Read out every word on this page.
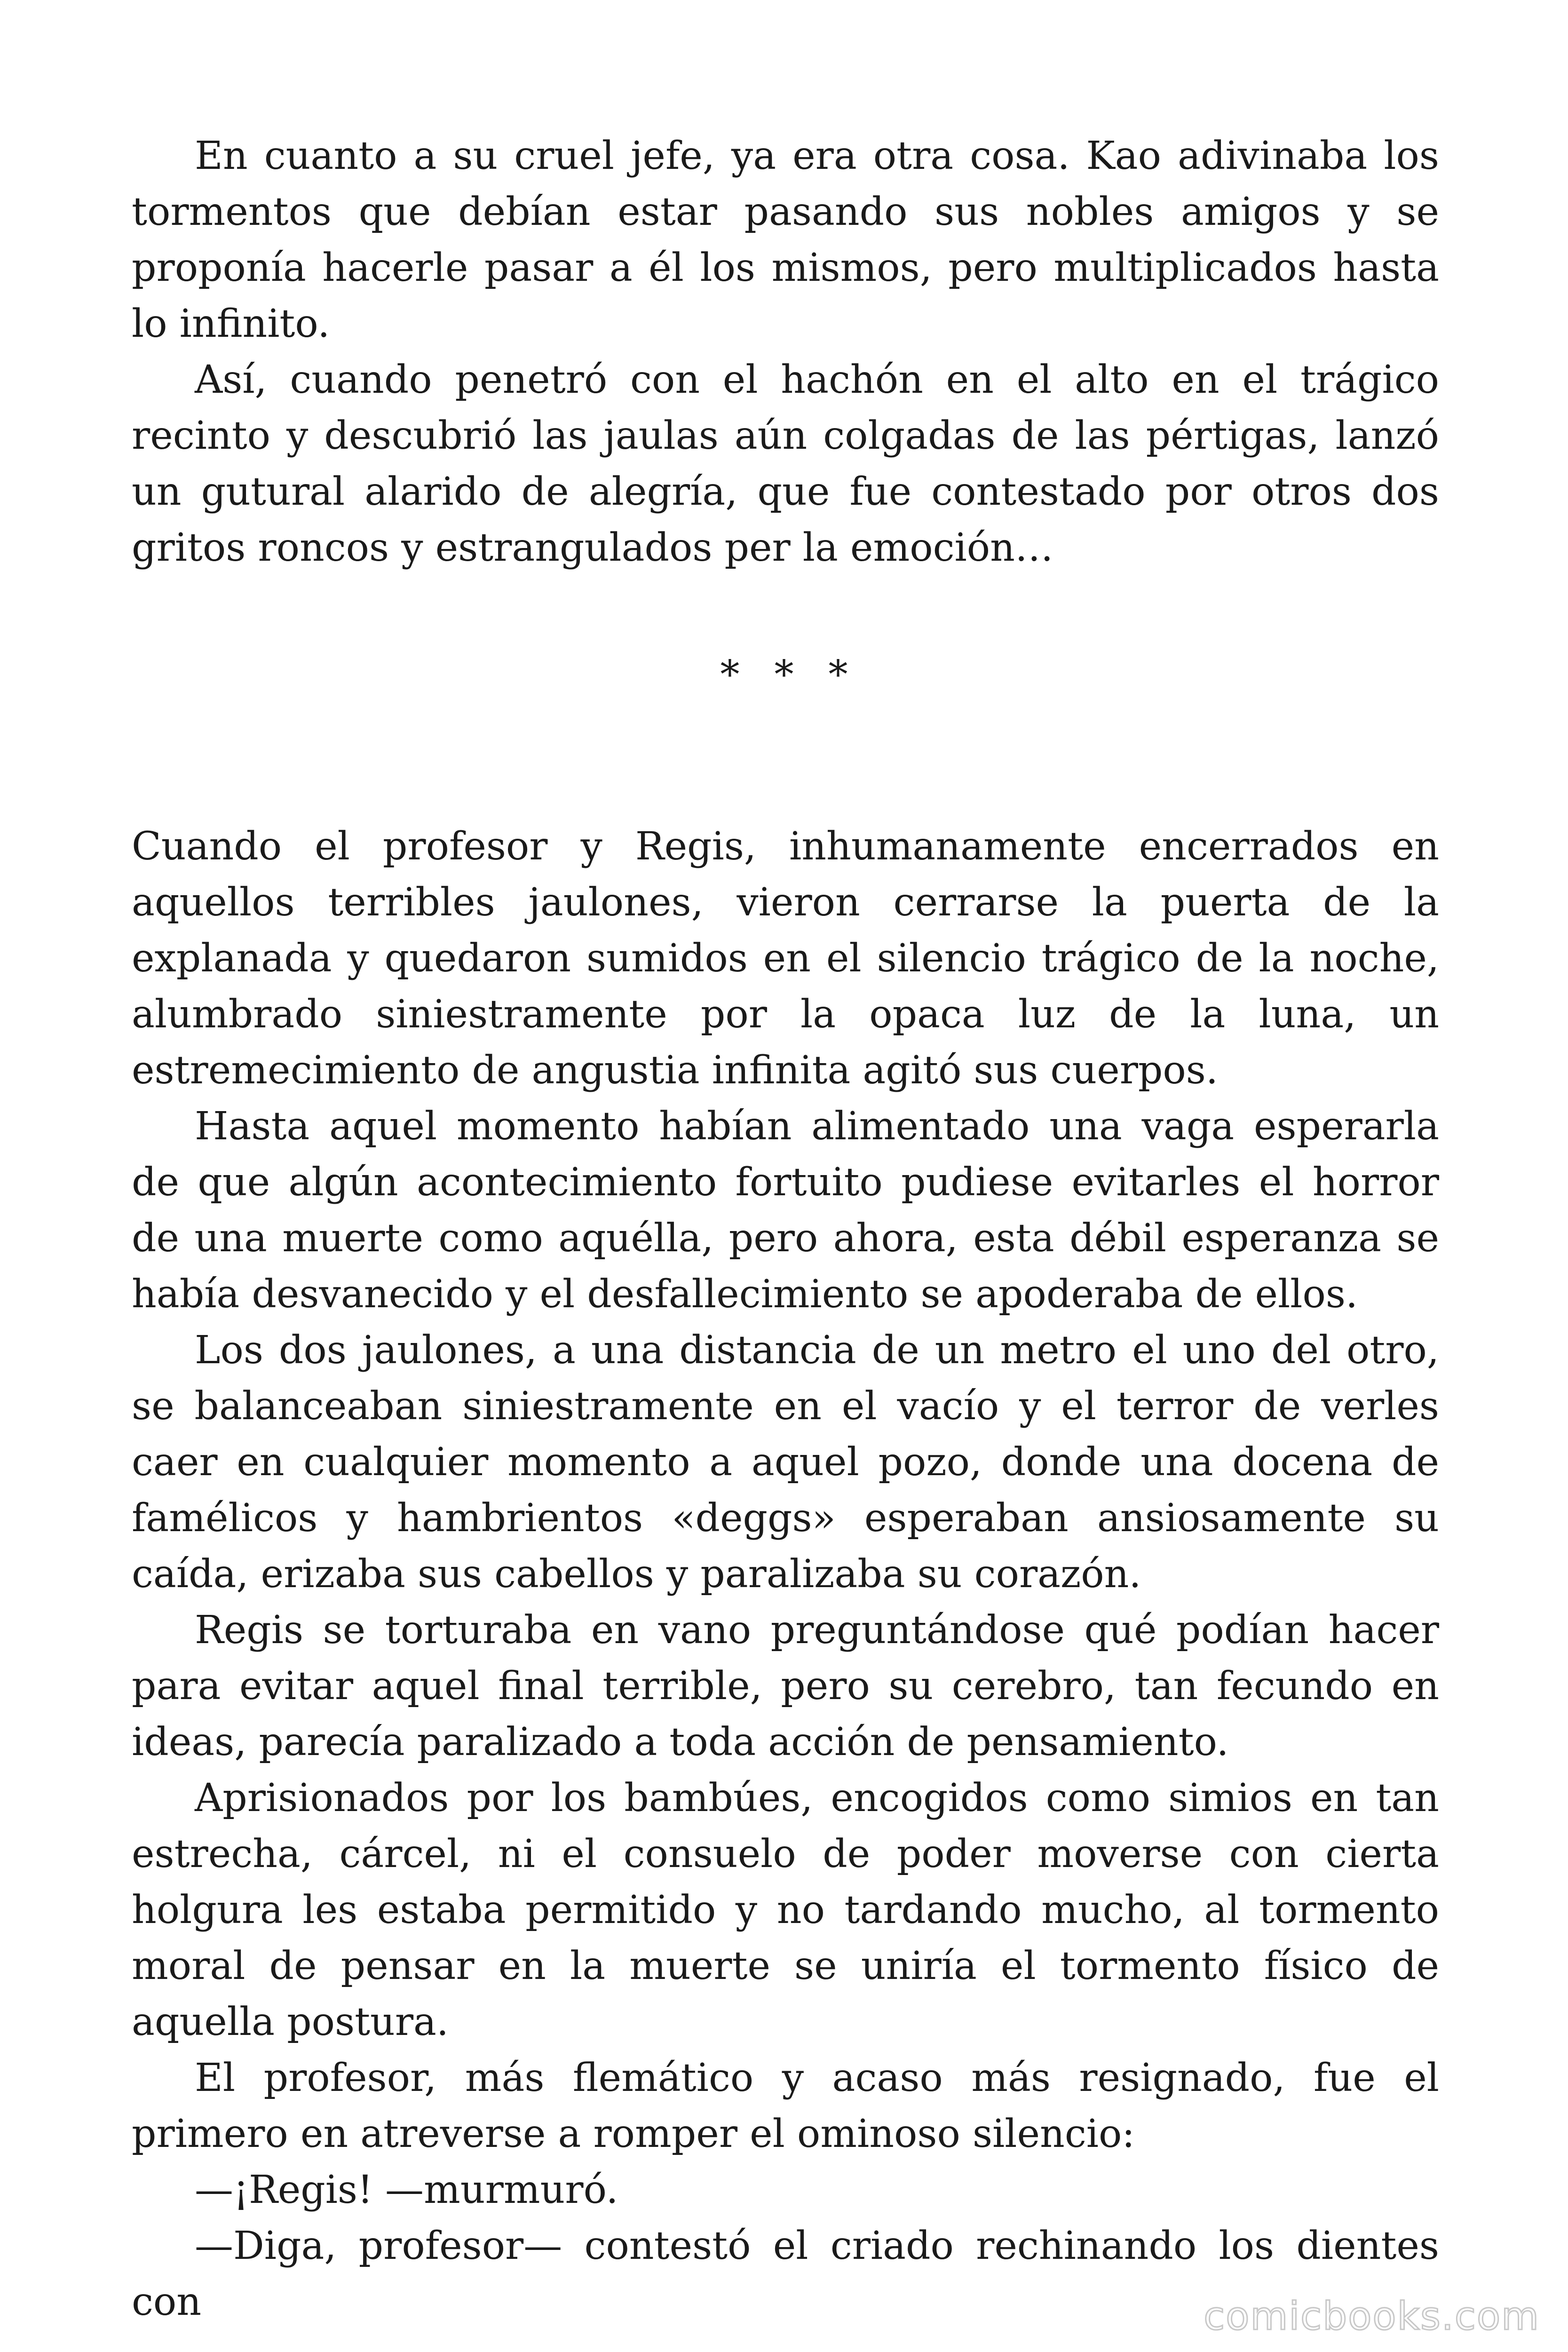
En cuanto a su cruel jefe, ya era otra cosa. Kao adivinaba los tormentos que debían estar pasando sus nobles amigos y se proponía hacerle pasar a él los mismos, pero multiplicados hasta lo infinito.

Así, cuando penetró con el hachón en el alto en el trágico recinto y descubrió las jaulas aún colgadas de las pértigas, lanzó un gutural alarido de alegría, que fue contestado por otros dos gritos roncos y estrangulados per la emoción…

* * *

Cuando el profesor y Regis, inhumanamente encerrados en aquellos terribles jaulones, vieron cerrarse la puerta de la explanada y quedaron sumidos en el silencio trágico de la noche, alumbrado siniestramente por la opaca luz de la luna, un estremecimiento de angustia infinita agitó sus cuerpos.

Hasta aquel momento habían alimentado una vaga esperarla de que algún acontecimiento fortuito pudiese evitarles el horror de una muerte como aquélla, pero ahora, esta débil esperanza se había desvanecido y el desfallecimiento se apoderaba de ellos.

Los dos jaulones, a una distancia de un metro el uno del otro, se balanceaban siniestramente en el vacío y el terror de verles caer en cualquier momento a aquel pozo, donde una docena de famélicos y hambrientos «deggs» esperaban ansiosamente su caída, erizaba sus cabellos y paralizaba su corazón.

Regis se torturaba en vano preguntándose qué podían hacer para evitar aquel final terrible, pero su cerebro, tan fecundo en ideas, parecía paralizado a toda acción de pensamiento.

Aprisionados por los bambúes, encogidos como simios en tan estrecha, cárcel, ni el consuelo de poder moverse con cierta holgura les estaba permitido y no tardando mucho, al tormento moral de pensar en la muerte se uniría el tormento físico de aquella postura.

El profesor, más flemático y acaso más resignado, fue el primero en atreverse a romper el ominoso silencio:

—¡Regis! —murmuró.

—Diga, profesor— contestó el criado rechinando los dientes con	comicbooks.com
